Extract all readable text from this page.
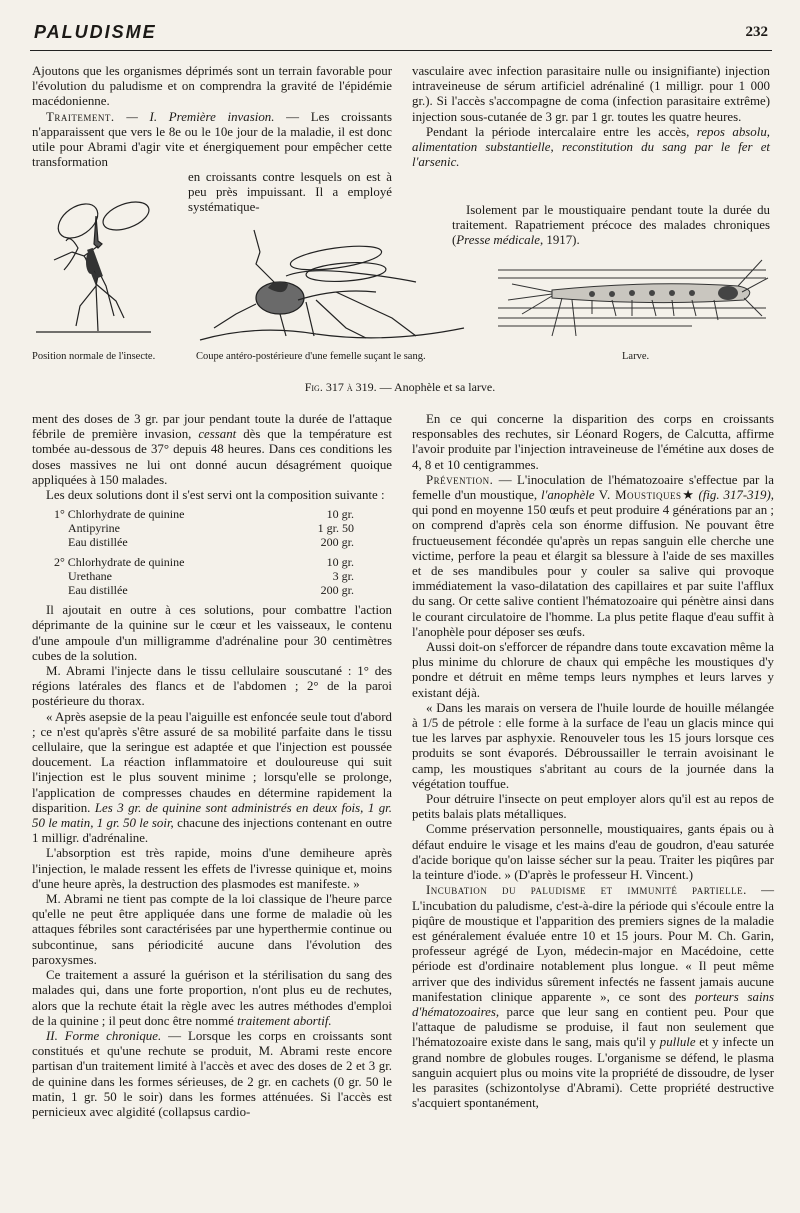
PALUDISME	232

Ajoutons que les organismes déprimés sont un terrain favorable pour l'évolution du paludisme et on comprendra la gravité de l'épidémie macédonienne.

Traitement. — I. Première invasion. — Les croissants n'apparaissent que vers le 8e ou le 10e jour de la maladie, il est donc utile pour Abrami d'agir vite et énergiquement pour empêcher cette transformation

en croissants contre lesquels on est à peu près impuissant. Il a employé systématique-

vasculaire avec infection parasitaire nulle ou insignifiante) injection intraveineuse de sérum artificiel adrénaliné (1 milligr. pour 1 000 gr.). Si l'accès s'accompagne de coma (infection parasitaire extrême) injection sous-cutanée de 3 gr. par 1 gr. toutes les quatre heures.

Pendant la période intercalaire entre les accès, repos absolu, alimentation substantielle, reconstitution du sang par le fer et l'arsenic.

Isolement par le moustiquaire pendant toute la durée du traitement. Rapatriement précoce des malades chroniques (Presse médicale, 1917).

Position normale de l'insecte.	Coupe antéro-postérieure d'une femelle suçant le sang.	Larve.
Fig. 317 à 319. — Anophèle et sa larve.

ment des doses de 3 gr. par jour pendant toute la durée de l'attaque fébrile de première invasion, cessant dès que la température est tombée au-dessous de 37° depuis 48 heures. Dans ces conditions les doses massives ne lui ont donné aucun désagrément quoique appliquées à 150 malades.

Les deux solutions dont il s'est servi ont la composition suivante :

1° Chlorhydrate de quinine	10 gr.
Antipyrine	1 gr. 50
Eau distillée	200 gr.
2° Chlorhydrate de quinine	10 gr.
Urethane	3 gr.
Eau distillée	200 gr.

Il ajoutait en outre à ces solutions, pour combattre l'action déprimante de la quinine sur le cœur et les vaisseaux, le contenu d'une ampoule d'un milligramme d'adrénaline pour 30 centimètres cubes de la solution.

M. Abrami l'injecte dans le tissu cellulaire souscutané : 1° des régions latérales des flancs et de l'abdomen ; 2° de la paroi postérieure du thorax.

« Après asepsie de la peau l'aiguille est enfoncée seule tout d'abord ; ce n'est qu'après s'être assuré de sa mobilité parfaite dans le tissu cellulaire, que la seringue est adaptée et que l'injection est poussée doucement. La réaction inflammatoire et douloureuse qui suit l'injection est le plus souvent minime ; lorsqu'elle se prolonge, l'application de compresses chaudes en détermine rapidement la disparition. Les 3 gr. de quinine sont administrés en deux fois, 1 gr. 50 le matin, 1 gr. 50 le soir, chacune des injections contenant en outre 1 milligr. d'adrénaline.

L'absorption est très rapide, moins d'une demiheure après l'injection, le malade ressent les effets de l'ivresse quinique et, moins d'une heure après, la destruction des plasmodes est manifeste. »

M. Abrami ne tient pas compte de la loi classique de l'heure parce qu'elle ne peut être appliquée dans une forme de maladie où les attaques fébriles sont caractérisées par une hyperthermie continue ou subcontinue, sans périodicité aucune dans l'évolution des paroxysmes.

Ce traitement a assuré la guérison et la stérilisation du sang des malades qui, dans une forte proportion, n'ont plus eu de rechutes, alors que la rechute était la règle avec les autres méthodes d'emploi de la quinine ; il peut donc être nommé traitement abortif.

II. Forme chronique. — Lorsque les corps en croissants sont constitués et qu'une rechute se produit, M. Abrami reste encore partisan d'un traitement limité à l'accès et avec des doses de 2 et 3 gr. de quinine dans les formes sérieuses, de 2 gr. en cachets (0 gr. 50 le matin, 1 gr. 50 le soir) dans les formes atténuées. Si l'accès est pernicieux avec algidité (collapsus cardio-

En ce qui concerne la disparition des corps en croissants responsables des rechutes, sir Léonard Rogers, de Calcutta, affirme l'avoir produite par l'injection intraveineuse de l'émétine aux doses de 4, 8 et 10 centigrammes.

Prévention. — L'inoculation de l'hématozoaire s'effectue par la femelle d'un moustique, l'anophèle V. Moustiques★ (fig. 317-319), qui pond en moyenne 150 œufs et peut produire 4 générations par an ; on comprend d'après cela son énorme diffusion. Ne pouvant être fructueusement fécondée qu'après un repas sanguin elle cherche une victime, perfore la peau et élargit sa blessure à l'aide de ses maxilles et de ses mandibules pour y couler sa salive qui provoque immédiatement la vaso-dilatation des capillaires et par suite l'afflux du sang. Or cette salive contient l'hématozoaire qui pénètre ainsi dans le courant circulatoire de l'homme. La plus petite flaque d'eau suffit à l'anophèle pour déposer ses œufs.

Aussi doit-on s'efforcer de répandre dans toute excavation même la plus minime du chlorure de chaux qui empêche les moustiques d'y pondre et détruit en même temps leurs nymphes et leurs larves y existant déjà.

« Dans les marais on versera de l'huile lourde de houille mélangée à 1/5 de pétrole : elle forme à la surface de l'eau un glacis mince qui tue les larves par asphyxie. Renouveler tous les 15 jours lorsque ces produits se sont évaporés. Débroussailler le terrain avoisinant le camp, les moustiques s'abritant au cours de la journée dans la végétation touffue.

Pour détruire l'insecte on peut employer alors qu'il est au repos de petits balais plats métalliques.

Comme préservation personnelle, moustiquaires, gants épais ou à défaut enduire le visage et les mains d'eau de goudron, d'eau saturée d'acide borique qu'on laisse sécher sur la peau. Traiter les piqûres par la teinture d'iode. » (D'après le professeur H. Vincent.)

Incubation du paludisme et immunité partielle. — L'incubation du paludisme, c'est-à-dire la période qui s'écoule entre la piqûre de moustique et l'apparition des premiers signes de la maladie est généralement évaluée entre 10 et 15 jours. Pour M. Ch. Garin, professeur agrégé de Lyon, médecin-major en Macédoine, cette période est d'ordinaire notablement plus longue. « Il peut même arriver que des individus sûrement infectés ne fassent jamais aucune manifestation clinique apparente », ce sont des porteurs sains d'hématozoaires, parce que leur sang en contient peu. Pour que l'attaque de paludisme se produise, il faut non seulement que l'hématozoaire existe dans le sang, mais qu'il y pullule et y infecte un grand nombre de globules rouges. L'organisme se défend, le plasma sanguin acquiert plus ou moins vite la propriété de dissoudre, de lyser les parasites (schizontolyse d'Abrami). Cette propriété destructive s'acquiert spontanément,
